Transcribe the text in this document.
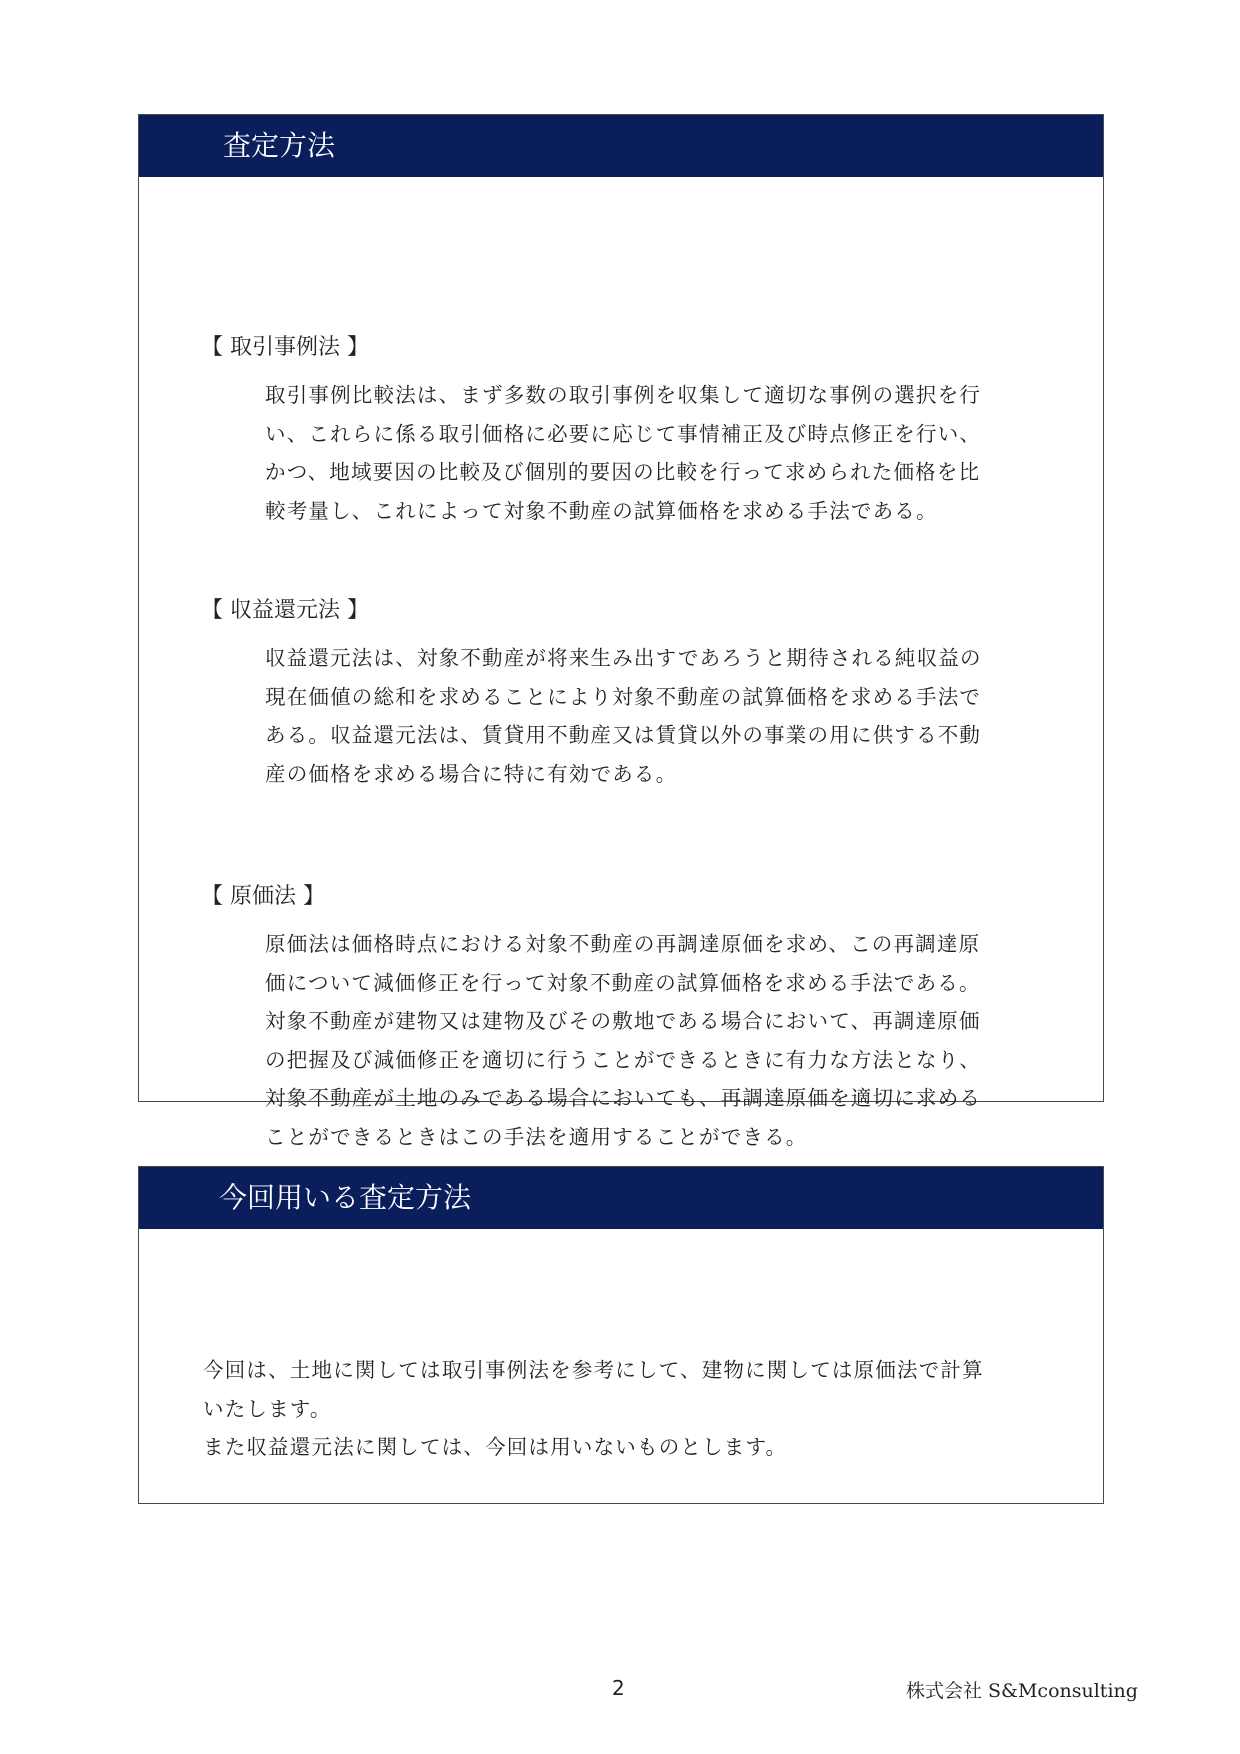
査定方法
【 取引事例法 】
取引事例比較法は、まず多数の取引事例を収集して適切な事例の選択を行
い、これらに係る取引価格に必要に応じて事情補正及び時点修正を行い、
かつ、地域要因の比較及び個別的要因の比較を行って求められた価格を比
較考量し、これによって対象不動産の試算価格を求める手法である。
【 収益還元法 】
収益還元法は、対象不動産が将来生み出すであろうと期待される純収益の
現在価値の総和を求めることにより対象不動産の試算価格を求める手法で
ある。収益還元法は、賃貸用不動産又は賃貸以外の事業の用に供する不動
産の価格を求める場合に特に有効である。
【 原価法 】
原価法は価格時点における対象不動産の再調達原価を求め、この再調達原
価について減価修正を行って対象不動産の試算価格を求める手法である。
対象不動産が建物又は建物及びその敷地である場合において、再調達原価
の把握及び減価修正を適切に行うことができるときに有力な方法となり、
対象不動産が土地のみである場合においても、再調達原価を適切に求める
ことができるときはこの手法を適用することができる。
今回用いる査定方法
今回は、土地に関しては取引事例法を参考にして、建物に関しては原価法で計算
いたします。
また収益還元法に関しては、今回は用いないものとします。
2	株式会社 S&Mconsulting
